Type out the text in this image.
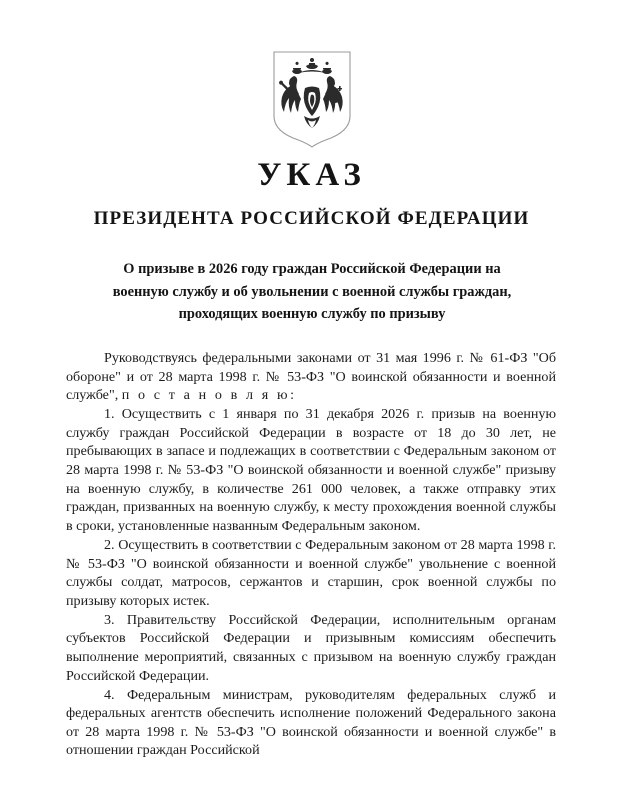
УКАЗ
ПРЕЗИДЕНТА РОССИЙСКОЙ ФЕДЕРАЦИИ
О призыве в 2026 году граждан Российской Федерации на
военную службу и об увольнении с военной службы граждан,
проходящих военную службу по призыву

Руководствуясь федеральными законами от 31 мая 1996 г. № 61-ФЗ "Об обороне" и от 28 марта 1998 г. № 53-ФЗ "О воинской обязанности и военной службе", п о с т а н о в л я ю:

1. Осуществить с 1 января по 31 декабря 2026 г. призыв на военную службу граждан Российской Федерации в возрасте от 18 до 30 лет, не пребывающих в запасе и подлежащих в соответствии с Федеральным законом от 28 марта 1998 г. № 53-ФЗ "О воинской обязанности и военной службе" призыву на военную службу, в количестве 261 000 человек, а также отправку этих граждан, призванных на военную службу, к месту прохождения военной службы в сроки, установленные названным Федеральным законом.

2. Осуществить в соответствии с Федеральным законом от 28 марта 1998 г. № 53-ФЗ "О воинской обязанности и военной службе" увольнение с военной службы солдат, матросов, сержантов и старшин, срок военной службы по призыву которых истек.

3. Правительству Российской Федерации, исполнительным органам субъектов Российской Федерации и призывным комиссиям обеспечить выполнение мероприятий, связанных с призывом на военную службу граждан Российской Федерации.

4. Федеральным министрам, руководителям федеральных служб и федеральных агентств обеспечить исполнение положений Федерального закона от 28 марта 1998 г. № 53-ФЗ "О воинской обязанности и военной службе" в отношении граждан Российской
